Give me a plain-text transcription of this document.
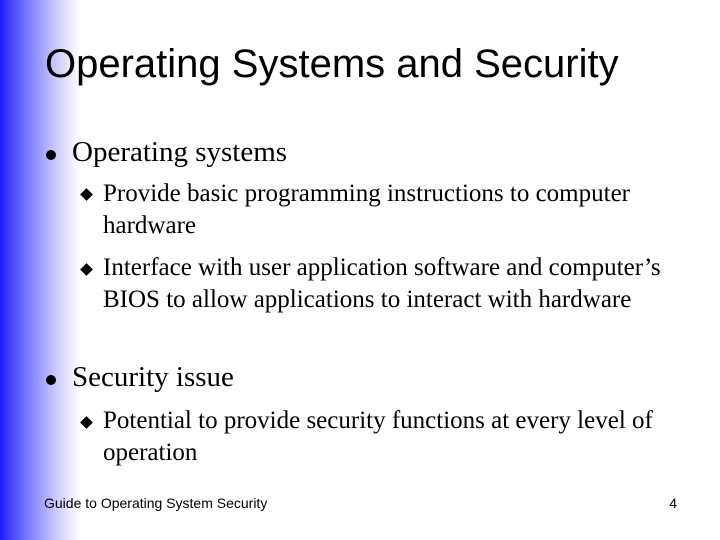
Operating Systems and Security
Operating systems
Provide basic programming instructions to computer hardware
Interface with user application software and computer’s BIOS to allow applications to interact with hardware
Security issue
Potential to provide security functions at every level of operation
Guide to Operating System Security	4
